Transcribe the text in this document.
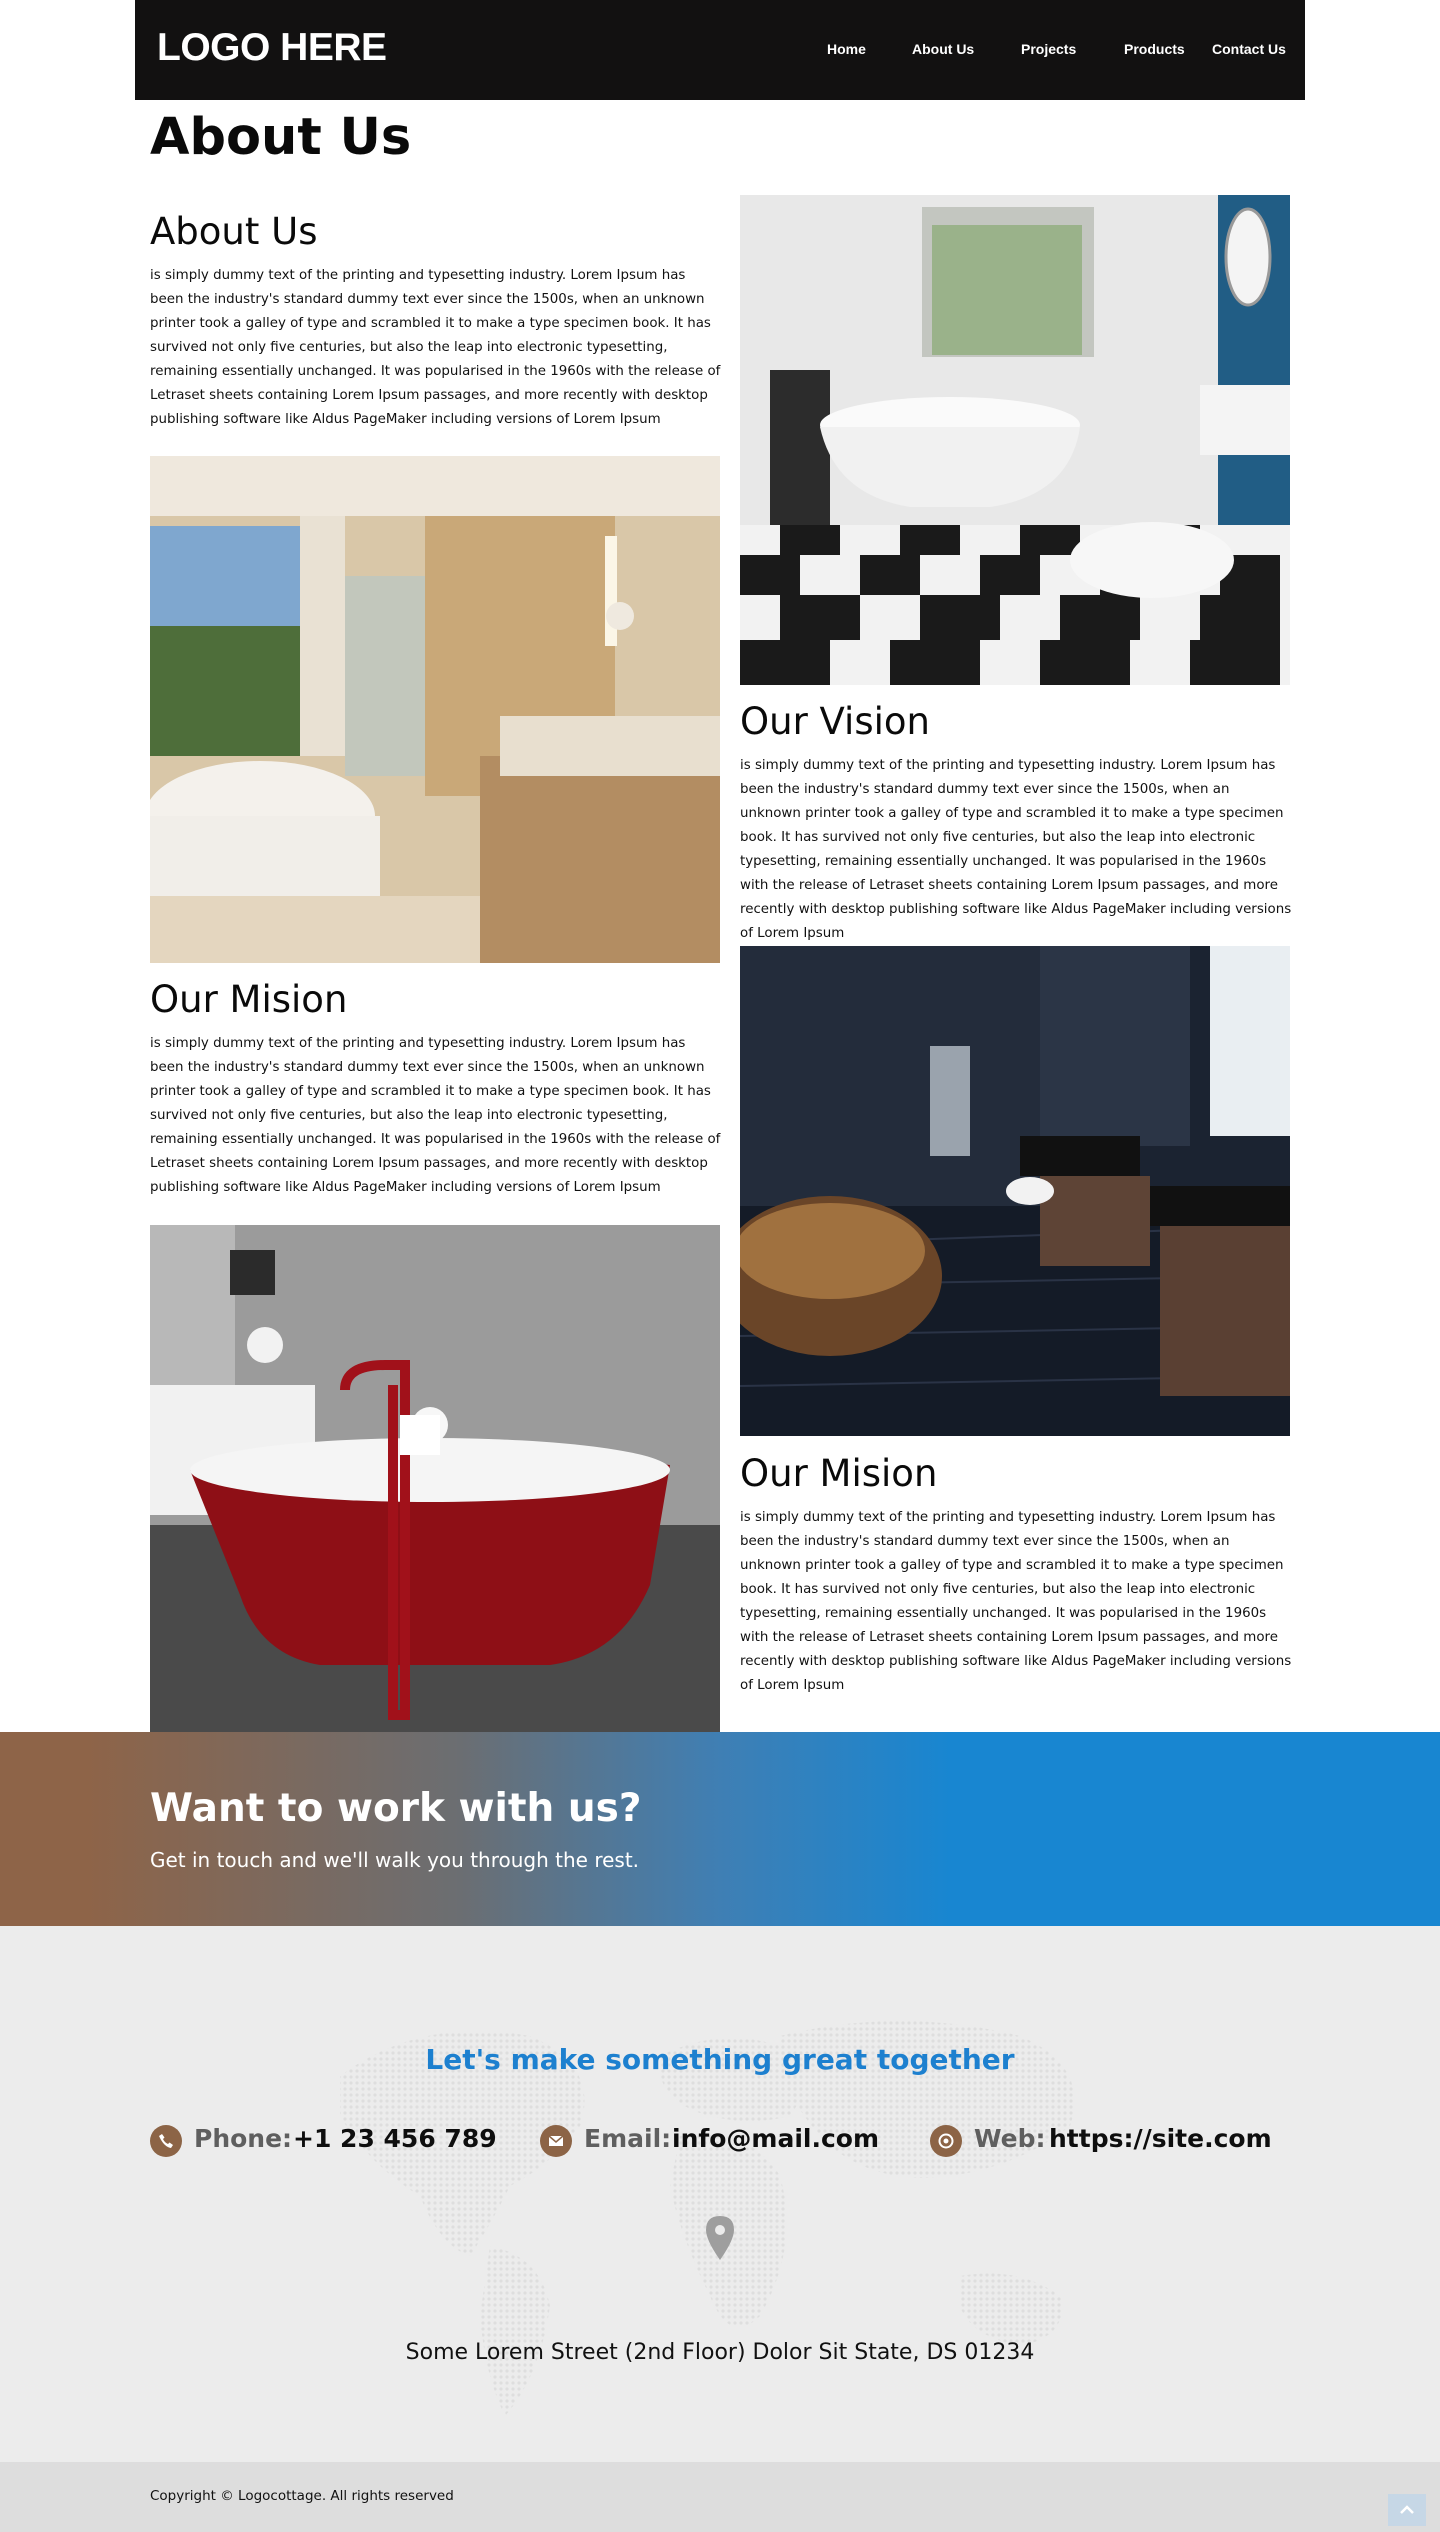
LOGO HERE	Home	About Us	Projects	Products Contact Us
About Us
About Us

is simply dummy text of the printing and typesetting industry. Lorem Ipsum has been the industry's standard dummy text ever since the 1500s, when an unknown printer took a galley of type and scrambled it to make a type specimen book. It has survived not only five centuries, but also the leap into electronic typesetting, remaining essentially unchanged. It was popularised in the 1960s with the release of Letraset sheets containing Lorem Ipsum passages, and more recently with desktop publishing software like Aldus PageMaker including versions of Lorem Ipsum

Our Mision

is simply dummy text of the printing and typesetting industry. Lorem Ipsum has been the industry's standard dummy text ever since the 1500s, when an unknown printer took a galley of type and scrambled it to make a type specimen book. It has survived not only five centuries, but also the leap into electronic typesetting, remaining essentially unchanged. It was popularised in the 1960s with the release of Letraset sheets containing Lorem Ipsum passages, and more recently with desktop publishing software like Aldus PageMaker including versions of Lorem Ipsum

Our Vision

is simply dummy text of the printing and typesetting industry. Lorem Ipsum has been the industry's standard dummy text ever since the 1500s, when an unknown printer took a galley of type and scrambled it to make a type specimen book. It has survived not only five centuries, but also the leap into electronic typesetting, remaining essentially unchanged. It was popularised in the 1960s with the release of Letraset sheets containing Lorem Ipsum passages, and more recently with desktop publishing software like Aldus PageMaker including versions of Lorem Ipsum

Our Mision

is simply dummy text of the printing and typesetting industry. Lorem Ipsum has been the industry's standard dummy text ever since the 1500s, when an unknown printer took a galley of type and scrambled it to make a type specimen book. It has survived not only five centuries, but also the leap into electronic typesetting, remaining essentially unchanged. It was popularised in the 1960s with the release of Letraset sheets containing Lorem Ipsum passages, and more recently with desktop publishing software like Aldus PageMaker including versions of Lorem Ipsum

Want to work with us?
Get in touch and we'll walk you through the rest.
Let's make something great together
Phone: +1 23 456 789	Email: info@mail.com	Web: https://site.com
Some Lorem Street (2nd Floor) Dolor Sit State, DS 01234
Copyright © Logocottage. All rights reserved
